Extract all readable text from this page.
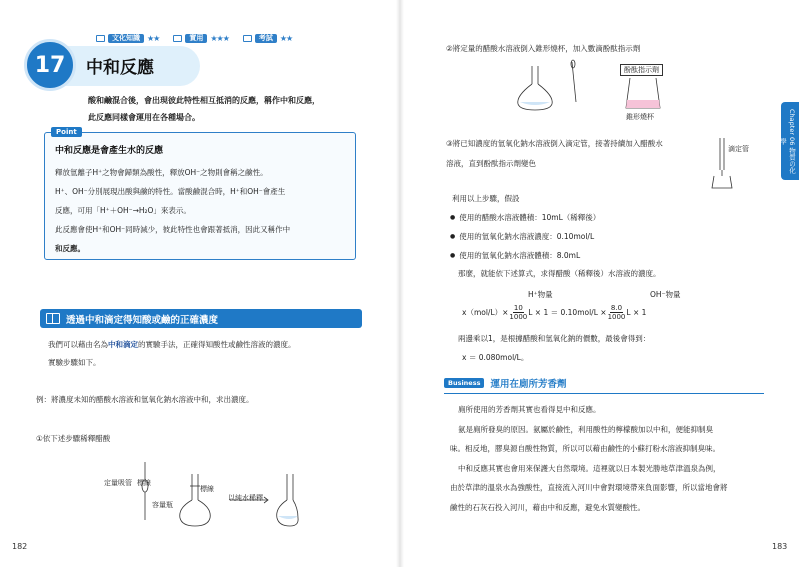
文化知識 ★★	實用 ★★★	考試 ★★
17	中和反應
酸和鹼混合後，會出現彼此特性相互抵消的反應，稱作中和反應，
此反應同樣會運用在各種場合。
Point
中和反應是會產生水的反應
釋放氫離子H⁺之物會歸類為酸性，釋放OH⁻之物則會稱之鹼性。
H⁺、OH⁻分別展現出酸與鹼的特性。當酸鹼混合時，H⁺和OH⁻會產生
反應，可用「H⁺＋OH⁻→H₂O」來表示。
此反應會使H⁺和OH⁻同時減少，彼此特性也會跟著抵消，因此又稱作中
和反應。
透過中和滴定得知酸或鹼的正確濃度
我們可以藉由名為中和滴定的實驗手法，正確得知酸性或鹼性溶液的濃度。
實驗步驟如下。
例：將濃度未知的醋酸水溶液和氫氧化鈉水溶液中和，求出濃度。
①依下述步驟稀釋醋酸
定量吸管 標線
容量瓶
標線
以純水稀釋
182
②將定量的醋酸水溶液倒入錐形燒杯，加入數滴酚酞指示劑
酚酞指示劑
錐形燒杯
③將已知濃度的氫氧化鈉水溶液倒入滴定管，接著持續加入醋酸水
溶液，直到酚酞指示劑變色
滴定管
利用以上步驟，假設
● 使用的醋酸水溶液體積：10mL（稀釋後）
● 使用的氫氧化鈉水溶液濃度：0.10mol/L
● 使用的氫氧化鈉水溶液體積：8.0mL
那麼，就能依下述算式，求得醋酸（稀釋後）水溶液的濃度。
H⁺物量	OH⁻物量
$x(mol/L)\times \frac{10}{1000}$ $L \times 1 = 0.10mol/L \times \frac{8.0}{1000}$ L × 1
兩邊乘以1，是根據醋酸和氫氧化鈉的價數，最後會得到：
x ＝ 0.080mol/L。
Business	運用在廁所芳香劑
廁所使用的芳香劑其實也看得見中和反應。
氨是廁所發臭的原因。氨屬於鹼性，利用酸性的檸檬酸加以中和，便能抑制臭
味。相反地，膠臭源自酸性物質，所以可以藉由鹼性的小蘇打粉水溶液抑制臭味。
中和反應其實也會用來保護大自然環境。這裡就以日本製光勝地草津溫泉為例，
由於草津的溫泉水為強酸性，直接流入河川中會對環境帶來負面影響，所以當地會將
鹼性的石灰石投入河川，藉由中和反應，避免水質變酸性。
Chapter 06 物質の化學
183
